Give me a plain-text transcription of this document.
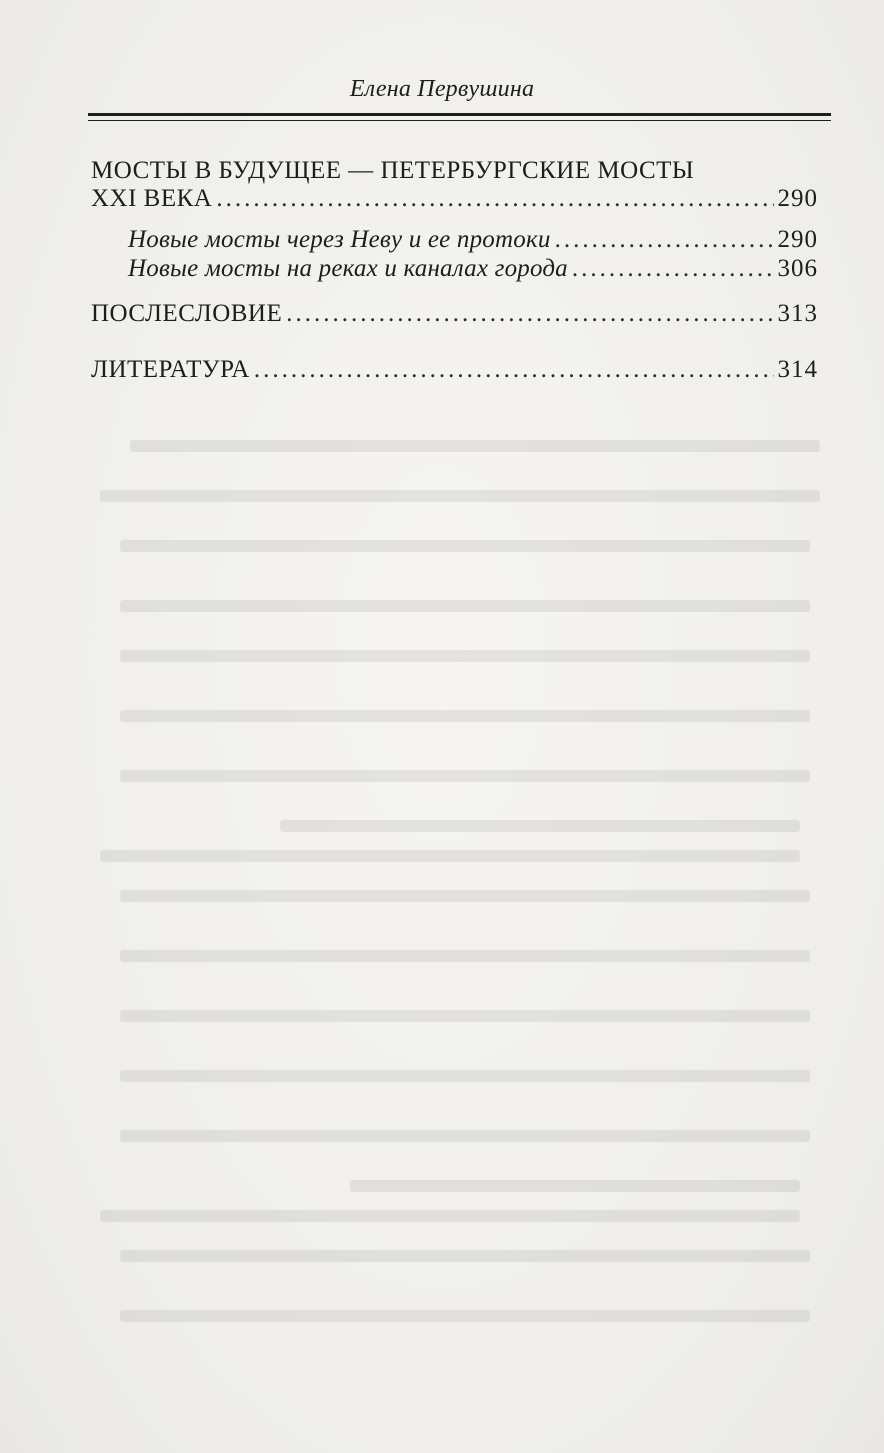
Елена Первушина
МОСТЫ В БУДУЩЕЕ — ПЕТЕРБУРГСКИЕ МОСТЫ
XXI ВЕКА .....	290
Новые мосты через Неву и ее протоки .....	290
Новые мосты на реках и каналах города .....	306
ПОСЛЕСЛОВИЕ .....	313
ЛИТЕРАТУРА .....	314
